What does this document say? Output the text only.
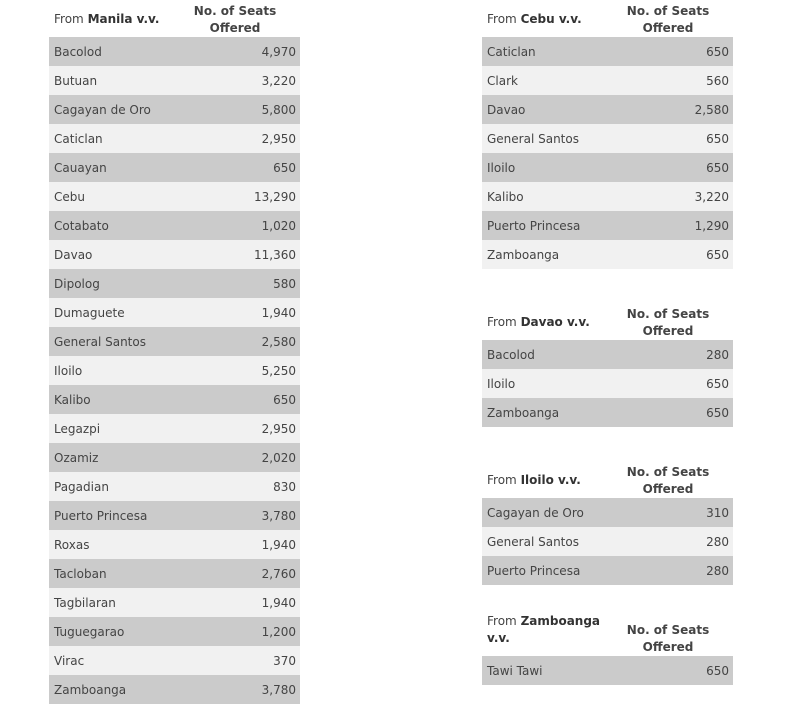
From Manila v.v.
No. of Seats
Offered
Bacolod	4,970
Butuan	3,220
Cagayan de Oro	5,800
Caticlan	2,950
Cauayan	650
Cebu	13,290
Cotabato	1,020
Davao	11,360
Dipolog	580
Dumaguete	1,940
General Santos	2,580
Iloilo	5,250
Kalibo	650
Legazpi	2,950
Ozamiz	2,020
Pagadian	830
Puerto Princesa	3,780
Roxas	1,940
Tacloban	2,760
Tagbilaran	1,940
Tuguegarao	1,200
Virac	370
Zamboanga	3,780
From Cebu v.v.
No. of Seats
Offered
Caticlan	650
Clark	560
Davao	2,580
General Santos	650
Iloilo	650
Kalibo	3,220
Puerto Princesa	1,290
Zamboanga	650
From Davao v.v.
No. of Seats
Offered
Bacolod	280
Iloilo	650
Zamboanga	650
From Iloilo v.v.
No. of Seats
Offered
Cagayan de Oro	310
General Santos	280
Puerto Princesa	280
From Zamboanga v.v.
No. of Seats
Offered
Tawi Tawi	650
